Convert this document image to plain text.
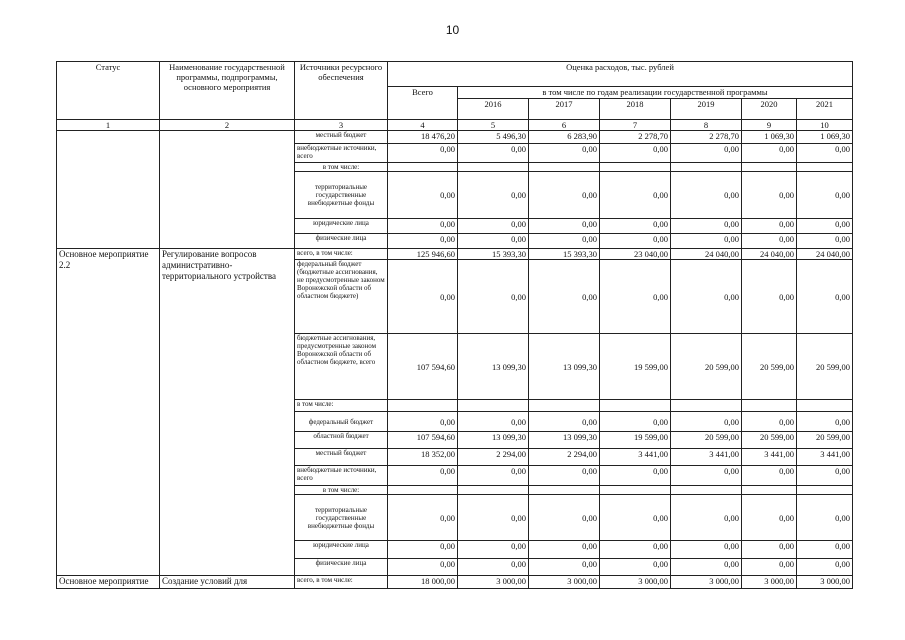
10
Статус	Наименование государственной программы, подпрограммы, основного мероприятия	Источники ресурсного обеспечения	Оценка расходов, тыс. рублей						
			Всего	в том числе по годам реализации государственной программы					
				2016	2017	2018	2019	2020	2021
1	2	3	4	5	6	7	8	9	10
		местный бюджет	18 476,20	5 496,30	6 283,90	2 278,70	2 278,70	1 069,30	1 069,30
		внебюджетные источники, всего	0,00	0,00	0,00	0,00	0,00	0,00	0,00
		в том числе:							
		территориальные государственные внебюджетные фонды	0,00	0,00	0,00	0,00	0,00	0,00	0,00
		юридические лица	0,00	0,00	0,00	0,00	0,00	0,00	0,00
		физические лица	0,00	0,00	0,00	0,00	0,00	0,00	0,00
Основное мероприятие 2.2	Регулирование вопросов административно-территориального устройства	всего, в том числе:	125 946,60	15 393,30	15 393,30	23 040,00	24 040,00	24 040,00	24 040,00
		федеральный бюджет (бюджетные ассигнования, не предусмотренные законом Воронежской области об областном бюджете)	0,00	0,00	0,00	0,00	0,00	0,00	0,00
		бюджетные ассигнования, предусмотренные законом Воронежской области об областном бюджете, всего	107 594,60	13 099,30	13 099,30	19 599,00	20 599,00	20 599,00	20 599,00
		в том числе:							
		федеральный бюджет	0,00	0,00	0,00	0,00	0,00	0,00	0,00
		областной бюджет	107 594,60	13 099,30	13 099,30	19 599,00	20 599,00	20 599,00	20 599,00
		местный бюджет	18 352,00	2 294,00	2 294,00	3 441,00	3 441,00	3 441,00	3 441,00
		внебюджетные источники, всего	0,00	0,00	0,00	0,00	0,00	0,00	0,00
		в том числе:							
		территориальные государственные внебюджетные фонды	0,00	0,00	0,00	0,00	0,00	0,00	0,00
		юридические лица	0,00	0,00	0,00	0,00	0,00	0,00	0,00
		физические лица	0,00	0,00	0,00	0,00	0,00	0,00	0,00
Основное мероприятие	Создание условий для	всего, в том числе:	18 000,00	3 000,00	3 000,00	3 000,00	3 000,00	3 000,00	3 000,00
